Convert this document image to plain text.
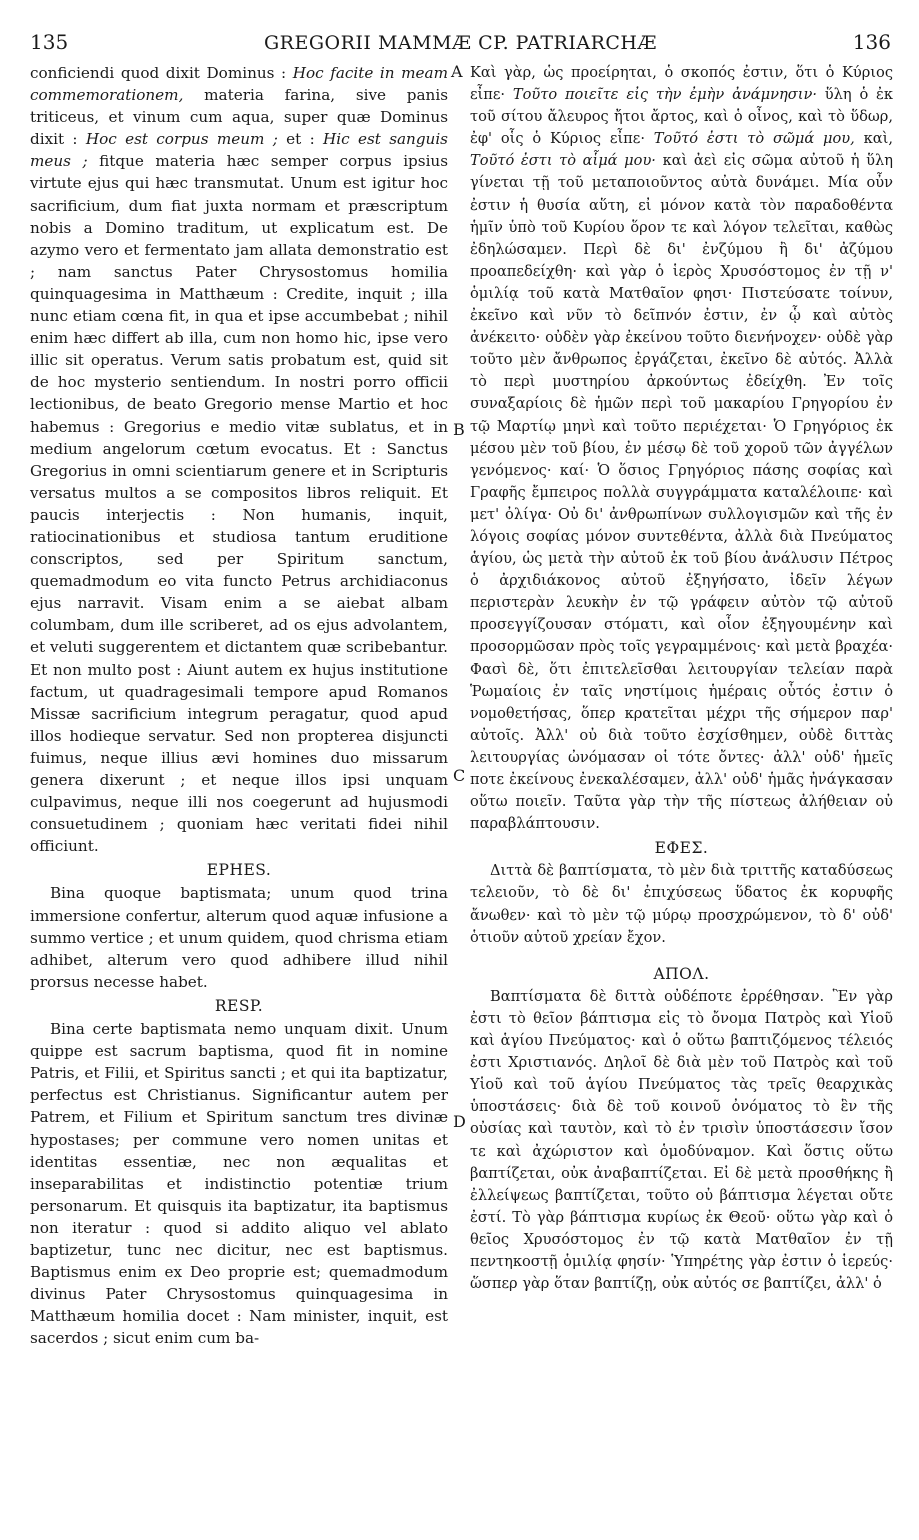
135	GREGORII MAMMÆ CP. PATRIARCHÆ	136
A
B
C
D

conficiendi quod dixit Dominus : Hoc facite in meam commemorationem, materia farina, sive panis triticeus, et vinum cum aqua, super quæ Dominus dixit : Hoc est corpus meum ; et : Hic est sanguis meus ; fitque materia hæc semper corpus ipsius virtute ejus qui hæc transmutat. Unum est igitur hoc sacrificium, dum fiat juxta normam et præscriptum nobis a Domino traditum, ut explicatum est. De azymo vero et fermentato jam allata demonstratio est ; nam sanctus Pater Chrysostomus homilia quinquagesima in Matthæum : Credite, inquit ; illa nunc etiam cœna fit, in qua et ipse accumbebat ; nihil enim hæc differt ab illa, cum non homo hic, ipse vero illic sit operatus. Verum satis probatum est, quid sit de hoc mysterio sentiendum. In nostri porro officii lectionibus, de beato Gregorio mense Martio et hoc habemus : Gregorius e medio vitæ sublatus, et in medium angelorum cœtum evocatus. Et : Sanctus Gregorius in omni scientiarum genere et in Scripturis versatus multos a se compositos libros reliquit. Et paucis interjectis : Non humanis, inquit, ratiocinationibus et studiosa tantum eruditione conscriptos, sed per Spiritum sanctum, quemadmodum eo vita functo Petrus archidiaconus ejus narravit. Visam enim a se aiebat albam columbam, dum ille scriberet, ad os ejus advolantem, et veluti suggerentem et dictantem quæ scribebantur. Et non multo post : Aiunt autem ex hujus institutione factum, ut quadragesimali tempore apud Romanos Missæ sacrificium integrum peragatur, quod apud illos hodieque servatur. Sed non propterea disjuncti fuimus, neque illius ævi homines duo missarum genera dixerunt ; et neque illos ipsi unquam culpavimus, neque illi nos coegerunt ad hujusmodi consuetudinem ; quoniam hæc veritati fidei nihil officiunt.

EPHES.

Bina quoque baptismata; unum quod trina immersione confertur, alterum quod aquæ infusione a summo vertice ; et unum quidem, quod chrisma etiam adhibet, alterum vero quod adhibere illud nihil prorsus necesse habet.

RESP.

Bina certe baptismata nemo unquam dixit. Unum quippe est sacrum baptisma, quod fit in nomine Patris, et Filii, et Spiritus sancti ; et qui ita baptizatur, perfectus est Christianus. Significantur autem per Patrem, et Filium et Spiritum sanctum tres divinæ hypostases; per commune vero nomen unitas et identitas essentiæ, nec non æqualitas et inseparabilitas et indistinctio potentiæ trium personarum. Et quisquis ita baptizatur, ita baptismus non iteratur : quod si addito aliquo vel ablato baptizetur, tunc nec dicitur, nec est baptismus. Baptismus enim ex Deo proprie est; quemadmodum divinus Pater Chrysostomus quinquagesima in Matthæum homilia docet : Nam minister, inquit, est sacerdos ; sicut enim cum ba-

Καὶ γὰρ, ὡς προείρηται, ὁ σκοπός ἐστιν, ὅτι ὁ Κύριος εἶπε· Τοῦτο ποιεῖτε εἰς τὴν ἐμὴν ἀνάμνησιν· ὕλη ὁ ἐκ τοῦ σίτου ἄλευρος ἤτοι ἄρτος, καὶ ὁ οἶνος, καὶ τὸ ὕδωρ, ἐφ' οἷς ὁ Κύριος εἶπε· Τοῦτό ἐστι τὸ σῶμά μου, καὶ, Τοῦτό ἐστι τὸ αἷμά μου· καὶ ἀεὶ εἰς σῶμα αὐτοῦ ἡ ὕλη γίνεται τῇ τοῦ μεταποιοῦντος αὐτὰ δυνάμει. Μία οὖν ἐστιν ἡ θυσία αὕτη, εἰ μόνον κατὰ τὸν παραδοθέντα ἡμῖν ὑπὸ τοῦ Κυρίου ὅρον τε καὶ λόγον τελεῖται, καθὼς ἐδηλώσαμεν. Περὶ δὲ δι' ἐνζύμου ἢ δι' ἀζύμου προαπεδείχθη· καὶ γὰρ ὁ ἱερὸς Χρυσόστομος ἐν τῇ ν' ὁμιλίᾳ τοῦ κατὰ Ματθαῖον φησι· Πιστεύσατε τοίνυν, ἐκεῖνο καὶ νῦν τὸ δεῖπνόν ἐστιν, ἐν ᾧ καὶ αὐτὸς ἀνέκειτο· οὐδὲν γὰρ ἐκείνου τοῦτο διενήνοχεν· οὐδὲ γὰρ τοῦτο μὲν ἄνθρωπος ἐργάζεται, ἐκεῖνο δὲ αὐτός. Ἀλλὰ τὸ περὶ μυστηρίου ἀρκούντως ἐδείχθη. Ἐν τοῖς συναξαρίοις δὲ ἡμῶν περὶ τοῦ μακαρίου Γρηγορίου ἐν τῷ Μαρτίῳ μηνὶ καὶ τοῦτο περιέχεται· Ὁ Γρηγόριος ἐκ μέσου μὲν τοῦ βίου, ἐν μέσῳ δὲ τοῦ χοροῦ τῶν ἀγγέλων γενόμενος· καί· Ὁ ὅσιος Γρηγόριος πάσης σοφίας καὶ Γραφῆς ἔμπειρος πολλὰ συγγράμματα καταλέλοιπε· καὶ μετ' ὀλίγα· Οὐ δι' ἀνθρωπίνων συλλογισμῶν καὶ τῆς ἐν λόγοις σοφίας μόνον συντεθέντα, ἀλλὰ διὰ Πνεύματος ἁγίου, ὡς μετὰ τὴν αὐτοῦ ἐκ τοῦ βίου ἀνάλυσιν Πέτρος ὁ ἀρχιδιάκονος αὐτοῦ ἐξηγήσατο, ἰδεῖν λέγων περιστερὰν λευκὴν ἐν τῷ γράφειν αὐτὸν τῷ αὐτοῦ προσεγγίζουσαν στόματι, καὶ οἷον ἐξηγουμένην καὶ προσορμῶσαν πρὸς τοῖς γεγραμμένοις· καὶ μετὰ βραχέα· Φασὶ δὲ, ὅτι ἐπιτελεῖσθαι λειτουργίαν τελείαν παρὰ Ῥωμαίοις ἐν ταῖς νηστίμοις ἡμέραις οὗτός ἐστιν ὁ νομοθετήσας, ὅπερ κρατεῖται μέχρι τῆς σήμερον παρ' αὐτοῖς. Ἀλλ' οὐ διὰ τοῦτο ἐσχίσθημεν, οὐδὲ διττὰς λειτουργίας ὠνόμασαν οἱ τότε ὄντες· ἀλλ' οὐδ' ἡμεῖς ποτε ἐκείνους ἐνεκαλέσαμεν, ἀλλ' οὐδ' ἡμᾶς ἠνάγκασαν οὕτω ποιεῖν. Ταῦτα γὰρ τὴν τῆς πίστεως ἀλήθειαν οὐ παραβλάπτουσιν.

ΕΦΕΣ.

Διττὰ δὲ βαπτίσματα, τὸ μὲν διὰ τριττῆς καταδύσεως τελειοῦν, τὸ δὲ δι' ἐπιχύσεως ὕδατος ἐκ κορυφῆς ἄνωθεν· καὶ τὸ μὲν τῷ μύρῳ προσχρώμενον, τὸ δ' οὐδ' ὁτιοῦν αὐτοῦ χρείαν ἔχον.

ΑΠΟΛ.

Βαπτίσματα δὲ διττὰ οὐδέποτε ἐρρέθησαν. Ἓν γὰρ ἐστι τὸ θεῖον βάπτισμα εἰς τὸ ὄνομα Πατρὸς καὶ Υἱοῦ καὶ ἁγίου Πνεύματος· καὶ ὁ οὕτω βαπτιζόμενος τέλειός ἐστι Χριστιανός. Δηλοῖ δὲ διὰ μὲν τοῦ Πατρὸς καὶ τοῦ Υἱοῦ καὶ τοῦ ἁγίου Πνεύματος τὰς τρεῖς θεαρχικὰς ὑποστάσεις· διὰ δὲ τοῦ κοινοῦ ὀνόματος τὸ ἓν τῆς οὐσίας καὶ ταυτὸν, καὶ τὸ ἐν τρισὶν ὑποστάσεσιν ἴσον τε καὶ ἀχώριστον καὶ ὁμοδύναμον. Καὶ ὅστις οὕτω βαπτίζεται, οὐκ ἀναβαπτίζεται. Εἰ δὲ μετὰ προσθήκης ἢ ἐλλείψεως βαπτίζεται, τοῦτο οὐ βάπτισμα λέγεται οὔτε ἐστί. Τὸ γὰρ βάπτισμα κυρίως ἐκ Θεοῦ· οὕτω γὰρ καὶ ὁ θεῖος Χρυσόστομος ἐν τῷ κατὰ Ματθαῖον ἐν τῇ πεντηκοστῇ ὁμιλίᾳ φησίν· Ὑπηρέτης γὰρ ἐστιν ὁ ἱερεύς· ὥσπερ γὰρ ὅταν βαπτίζῃ, οὐκ αὐτός σε βαπτίζει, ἀλλ' ὁ
